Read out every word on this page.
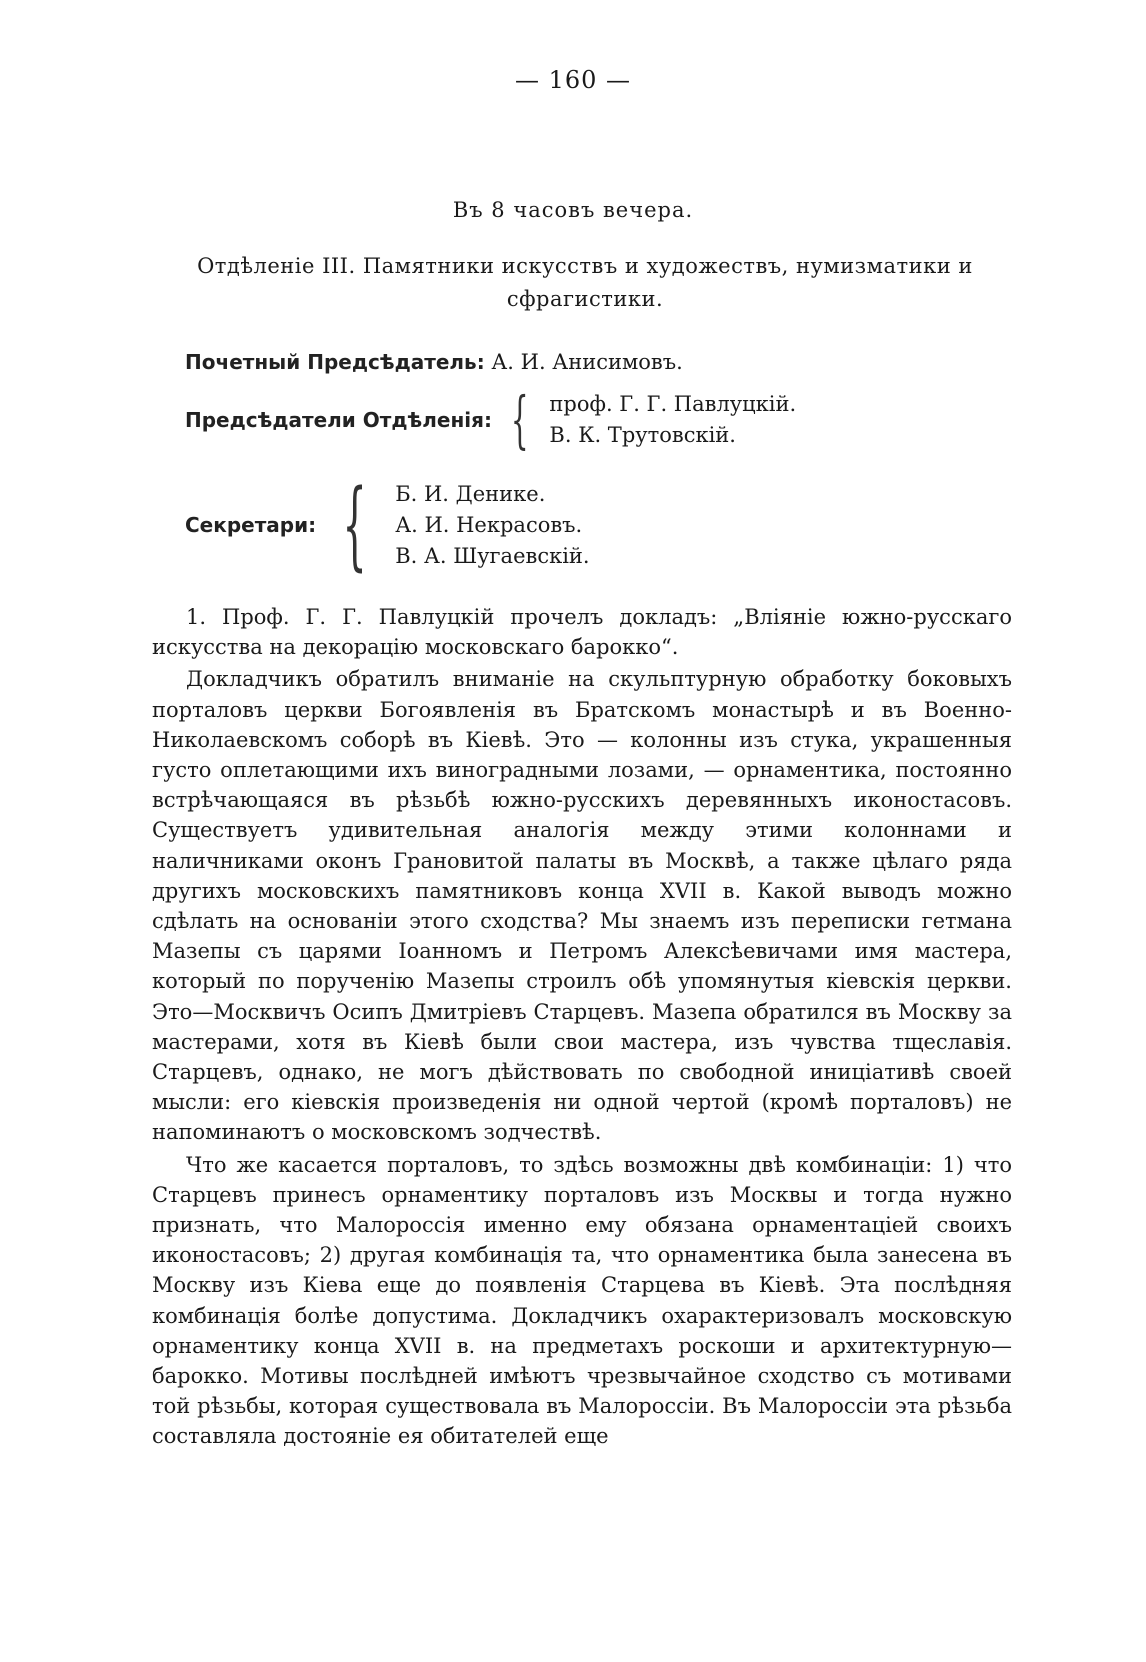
— 160 —
Въ 8 часовъ вечера.
Отдѣленіе III. Памятники искусствъ и художествъ, нумизматики и сфрагистики.
Почетный Предсѣдатель: А. И. Анисимовъ.
Предсѣдатели Отдѣленія: { проф. Г. Г. Павлуцкій.
В. К. Трутовскій.
Секретари: { Б. И. Денике.
А. И. Некрасовъ.
В. А. Шугаевскій.

1. Проф. Г. Г. Павлуцкій прочелъ докладъ: „Вліяніе южно-русскаго искусства на декорацію московскаго барокко“.

Докладчикъ обратилъ вниманіе на скульптурную обработку боковыхъ порталовъ церкви Богоявленія въ Братскомъ монастырѣ и въ Военно-Николаевскомъ соборѣ въ Кіевѣ. Это — колонны изъ стука, украшенныя густо оплетающими ихъ виноградными лозами, — орнаментика, постоянно встрѣчающаяся въ рѣзьбѣ южно-русскихъ деревянныхъ иконостасовъ. Существуетъ удивительная аналогія между этими колоннами и наличниками оконъ Грановитой палаты въ Москвѣ, а также цѣлаго ряда другихъ московскихъ памятниковъ конца XVII в. Какой выводъ можно сдѣлать на основаніи этого сходства? Мы знаемъ изъ переписки гетмана Мазепы съ царями Іоанномъ и Петромъ Алексѣевичами имя мастера, который по порученію Мазепы строилъ обѣ упомянутыя кіевскія церкви. Это—Москвичъ Осипъ Дмитріевъ Старцевъ. Мазепа обратился въ Москву за мастерами, хотя въ Кіевѣ были свои мастера, изъ чувства тщеславія. Старцевъ, однако, не могъ дѣйствовать по свободной иниціативѣ своей мысли: его кіевскія произведенія ни одной чертой (кромѣ порталовъ) не напоминаютъ о московскомъ зодчествѣ.

Что же касается порталовъ, то здѣсь возможны двѣ комбинаціи: 1) что Старцевъ принесъ орнаментику порталовъ изъ Москвы и тогда нужно признать, что Малороссія именно ему обязана орнаментаціей своихъ иконостасовъ; 2) другая комбинація та, что орнаментика была занесена въ Москву изъ Кіева еще до появленія Старцева въ Кіевѣ. Эта послѣдняя комбинація болѣе допустима. Докладчикъ охарактеризовалъ московскую орнаментику конца XVII в. на предметахъ роскоши и архитектурную—барокко. Мотивы послѣдней имѣютъ чрезвычайное сходство съ мотивами той рѣзьбы, которая существовала въ Малороссіи. Въ Малороссіи эта рѣзьба составляла достояніе ея обитателей еще
